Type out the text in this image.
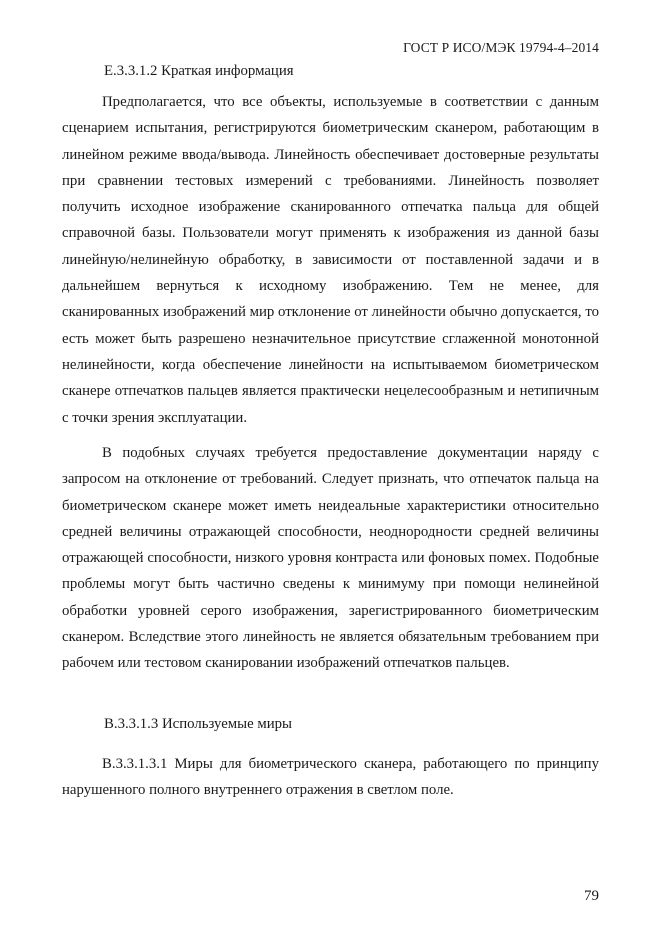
ГОСТ Р ИСО/МЭК 19794-4–2014
Е.3.3.1.2 Краткая информация

Предполагается, что все объекты, используемые в соответствии с данным сценарием испытания, регистрируются биометрическим сканером, работающим в линейном режиме ввода/вывода. Линейность обеспечивает достоверные результаты при сравнении тестовых измерений с требованиями. Линейность позволяет получить исходное изображение сканированного отпечатка пальца для общей справочной базы. Пользователи могут применять к изображения из данной базы линейную/нелинейную обработку, в зависимости от поставленной задачи и в дальнейшем вернуться к исходному изображению. Тем не менее, для сканированных изображений мир отклонение от линейности обычно допускается, то есть может быть разрешено незначительное присутствие сглаженной монотонной нелинейности, когда обеспечение линейности на испытываемом биометрическом сканере отпечатков пальцев является практически нецелесообразным и нетипичным с точки зрения эксплуатации.

В подобных случаях требуется предоставление документации наряду с запросом на отклонение от требований. Следует признать, что отпечаток пальца на биометрическом сканере может иметь неидеальные характеристики относительно средней величины отражающей способности, неоднородности средней величины отражающей способности, низкого уровня контраста или фоновых помех. Подобные проблемы могут быть частично сведены к минимуму при помощи нелинейной обработки уровней серого изображения, зарегистрированного биометрическим сканером. Вследствие этого линейность не является обязательным требованием при рабочем или тестовом сканировании изображений отпечатков пальцев.

В.3.3.1.3 Используемые миры

В.3.3.1.3.1 Миры для биометрического сканера, работающего по принципу нарушенного полного внутреннего отражения в светлом поле.

79
